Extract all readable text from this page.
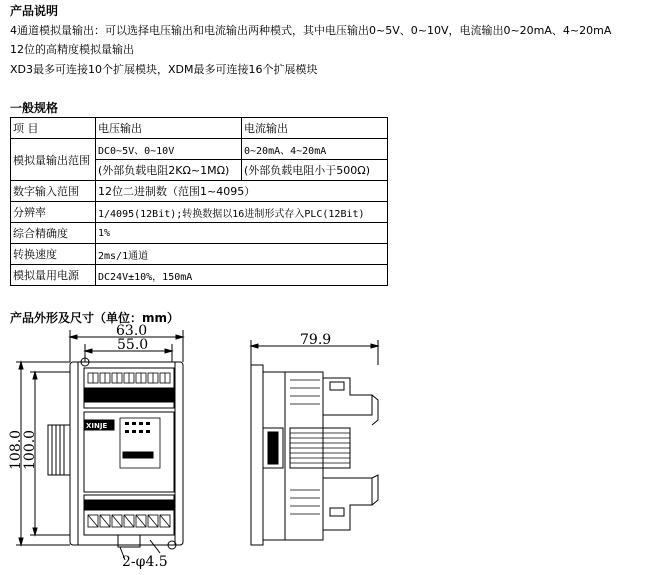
产品说明
4通道模拟量输出：可以选择电压输出和电流输出两种模式，其中电压输出0~5V、0~10V，电流输出0~20mA、4~20mA
12位的高精度模拟量输出
XD3最多可连接10个扩展模块，XDM最多可连接16个扩展模块
一般规格
项 目	电压输出	电流输出
模拟量输出范围	DC0~5V、0~10V	0~20mA、4~20mA
	(外部负载电阻2KΩ~1MΩ)	(外部负载电阻小于500Ω)
数字输入范围	12位二进制数（范围1~4095）	
分辨率	1/4095(12Bit);转换数据以16进制形式存入PLC(12Bit)	
综合精确度	1%	
转换速度	2ms/1通道	
模拟量用电源	DC24V±10%，150mA	
产品外形及尺寸（单位：mm）
63.0
55.0
108.0
100.0
XINJE
2-φ4.5
79.9
